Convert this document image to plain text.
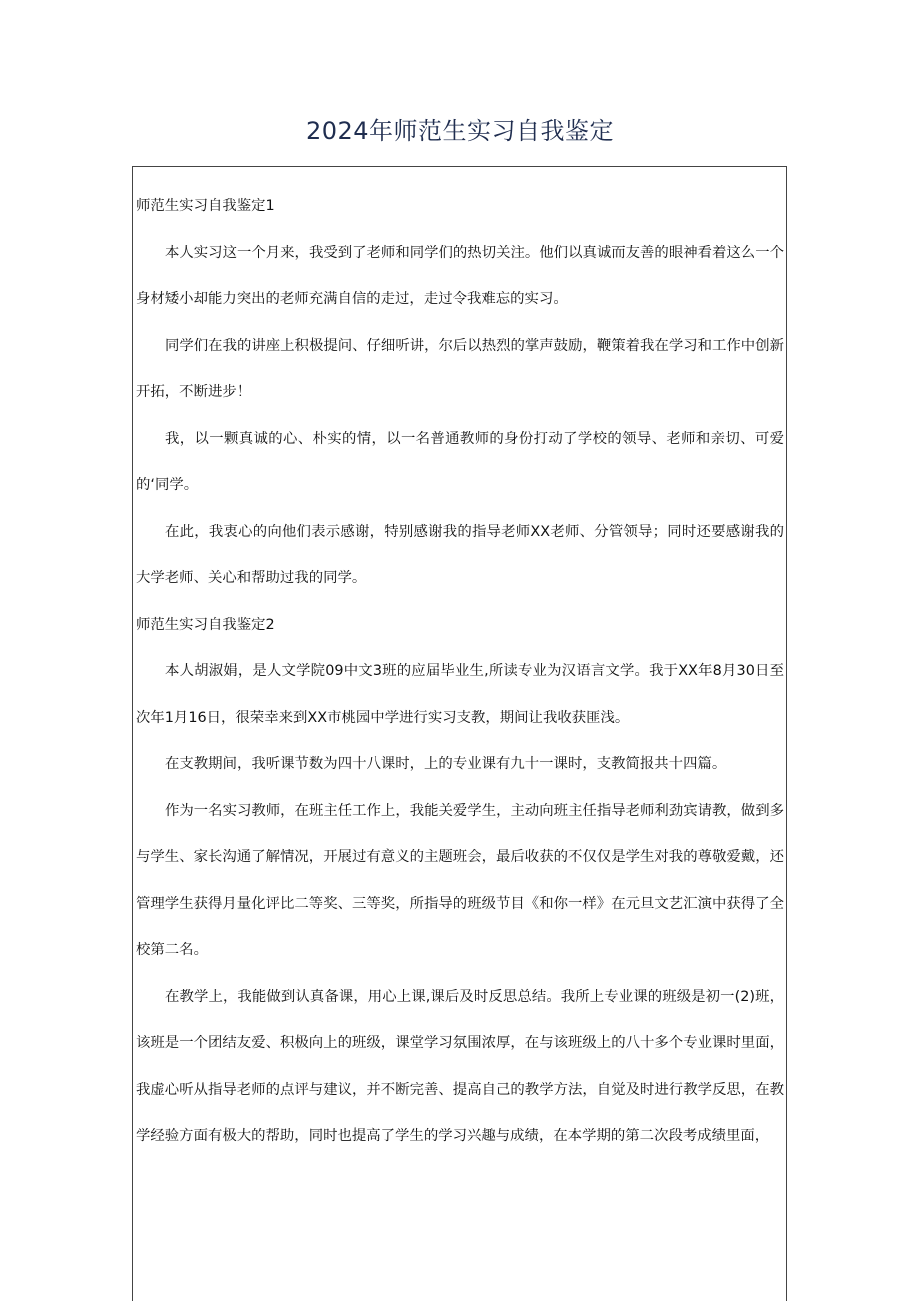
2024年师范生实习自我鉴定

师范生实习自我鉴定1

本人实习这一个月来，我受到了老师和同学们的热切关注。他们以真诚而友善的眼神看着这么一个身材矮小却能力突出的老师充满自信的走过，走过令我难忘的实习。

同学们在我的讲座上积极提问、仔细听讲，尔后以热烈的掌声鼓励，鞭策着我在学习和工作中创新开拓，不断进步！

我，以一颗真诚的心、朴实的情，以一名普通教师的身份打动了学校的领导、老师和亲切、可爱的‘同学。

在此，我衷心的向他们表示感谢，特别感谢我的指导老师XX老师、分管领导；同时还要感谢我的大学老师、关心和帮助过我的同学。

师范生实习自我鉴定2

本人胡淑娟，是人文学院09中文3班的应届毕业生,所读专业为汉语言文学。我于XX年8月30日至次年1月16日，很荣幸来到XX市桃园中学进行实习支教，期间让我收获匪浅。

在支教期间，我听课节数为四十八课时，上的专业课有九十一课时，支教简报共十四篇。

作为一名实习教师，在班主任工作上，我能关爱学生，主动向班主任指导老师利劲宾请教，做到多与学生、家长沟通了解情况，开展过有意义的主题班会，最后收获的不仅仅是学生对我的尊敬爱戴，还管理学生获得月量化评比二等奖、三等奖，所指导的班级节目《和你一样》在元旦文艺汇演中获得了全校第二名。

在教学上，我能做到认真备课，用心上课,课后及时反思总结。我所上专业课的班级是初一(2)班，该班是一个团结友爱、积极向上的班级，课堂学习氛围浓厚，在与该班级上的八十多个专业课时里面，我虚心听从指导老师的点评与建议，并不断完善、提高自己的教学方法，自觉及时进行教学反思，在教学经验方面有极大的帮助，同时也提高了学生的学习兴趣与成绩，在本学期的第二次段考成绩里面，
